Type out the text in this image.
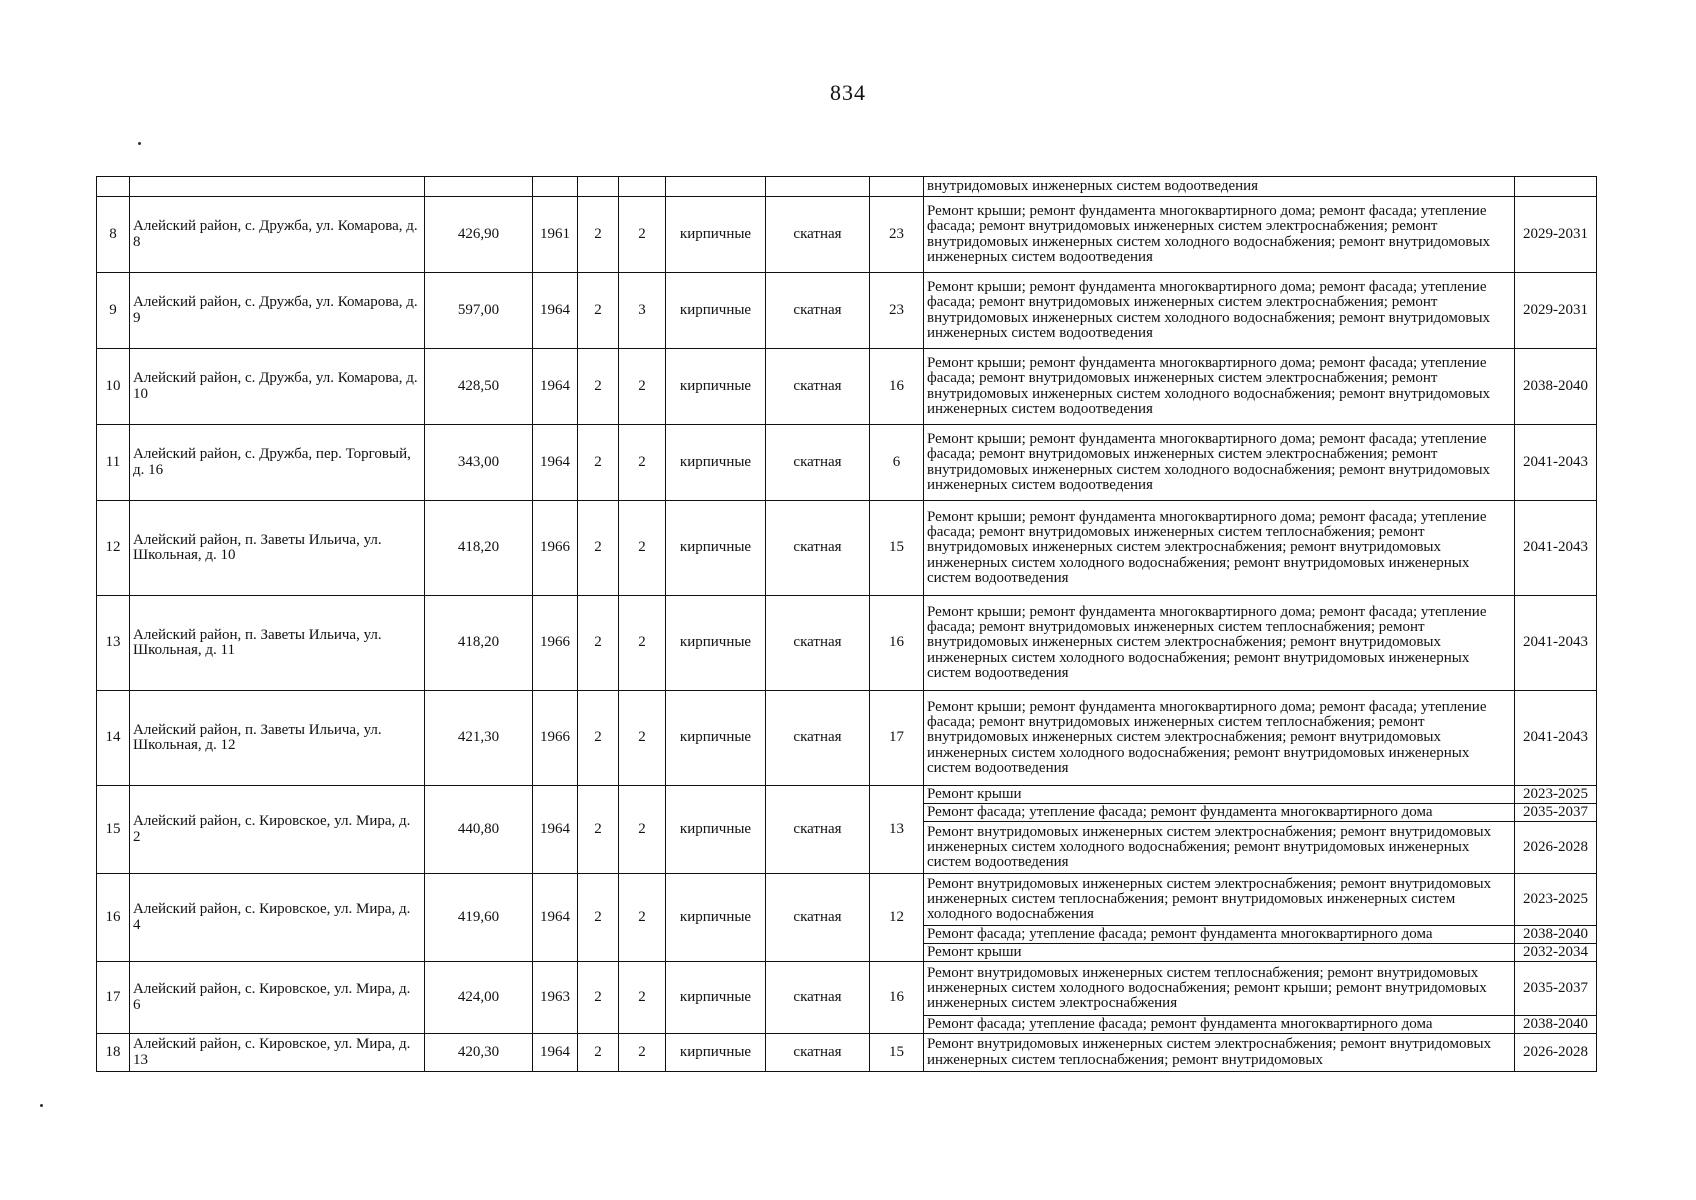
834
									внутридомовых инженерных систем водоотведения	
8	Алейский район, с. Дружба, ул. Комарова, д. 8	426,90	1961	2	2	кирпичные	скатная	23	Ремонт крыши; ремонт фундамента многоквартирного дома; ремонт фасада; утепление фасада; ремонт внутридомовых инженерных систем электроснабжения; ремонт внутридомовых инженерных систем холодного водоснабжения; ремонт внутридомовых инженерных систем водоотведения	2029-2031
9	Алейский район, с. Дружба, ул. Комарова, д. 9	597,00	1964	2	3	кирпичные	скатная	23	Ремонт крыши; ремонт фундамента многоквартирного дома; ремонт фасада; утепление фасада; ремонт внутридомовых инженерных систем электроснабжения; ремонт внутридомовых инженерных систем холодного водоснабжения; ремонт внутридомовых инженерных систем водоотведения	2029-2031
10	Алейский район, с. Дружба, ул. Комарова, д. 10	428,50	1964	2	2	кирпичные	скатная	16	Ремонт крыши; ремонт фундамента многоквартирного дома; ремонт фасада; утепление фасада; ремонт внутридомовых инженерных систем электроснабжения; ремонт внутридомовых инженерных систем холодного водоснабжения; ремонт внутридомовых инженерных систем водоотведения	2038-2040
11	Алейский район, с. Дружба, пер. Торговый, д. 16	343,00	1964	2	2	кирпичные	скатная	6	Ремонт крыши; ремонт фундамента многоквартирного дома; ремонт фасада; утепление фасада; ремонт внутридомовых инженерных систем электроснабжения; ремонт внутридомовых инженерных систем холодного водоснабжения; ремонт внутридомовых инженерных систем водоотведения	2041-2043
12	Алейский район, п. Заветы Ильича, ул. Школьная, д. 10	418,20	1966	2	2	кирпичные	скатная	15	Ремонт крыши; ремонт фундамента многоквартирного дома; ремонт фасада; утепление фасада; ремонт внутридомовых инженерных систем теплоснабжения; ремонт внутридомовых инженерных систем электроснабжения; ремонт внутридомовых инженерных систем холодного водоснабжения; ремонт внутридомовых инженерных систем водоотведения	2041-2043
13	Алейский район, п. Заветы Ильича, ул. Школьная, д. 11	418,20	1966	2	2	кирпичные	скатная	16	Ремонт крыши; ремонт фундамента многоквартирного дома; ремонт фасада; утепление фасада; ремонт внутридомовых инженерных систем теплоснабжения; ремонт внутридомовых инженерных систем электроснабжения; ремонт внутридомовых инженерных систем холодного водоснабжения; ремонт внутридомовых инженерных систем водоотведения	2041-2043
14	Алейский район, п. Заветы Ильича, ул. Школьная, д. 12	421,30	1966	2	2	кирпичные	скатная	17	Ремонт крыши; ремонт фундамента многоквартирного дома; ремонт фасада; утепление фасада; ремонт внутридомовых инженерных систем теплоснабжения; ремонт внутридомовых инженерных систем электроснабжения; ремонт внутридомовых инженерных систем холодного водоснабжения; ремонт внутридомовых инженерных систем водоотведения	2041-2043
15	Алейский район, с. Кировское, ул. Мира, д. 2	440,80	1964	2	2	кирпичные	скатная	13	Ремонт крыши	2023-2025
									Ремонт фасада; утепление фасада; ремонт фундамента многоквартирного дома	2035-2037
									Ремонт внутридомовых инженерных систем электроснабжения; ремонт внутридомовых инженерных систем холодного водоснабжения; ремонт внутридомовых инженерных систем водоотведения	2026-2028
16	Алейский район, с. Кировское, ул. Мира, д. 4	419,60	1964	2	2	кирпичные	скатная	12	Ремонт внутридомовых инженерных систем электроснабжения; ремонт внутридомовых инженерных систем теплоснабжения; ремонт внутридомовых инженерных систем холодного водоснабжения	2023-2025
									Ремонт фасада; утепление фасада; ремонт фундамента многоквартирного дома	2038-2040
									Ремонт крыши	2032-2034
17	Алейский район, с. Кировское, ул. Мира, д. 6	424,00	1963	2	2	кирпичные	скатная	16	Ремонт внутридомовых инженерных систем теплоснабжения; ремонт внутридомовых инженерных систем холодного водоснабжения; ремонт крыши; ремонт внутридомовых инженерных систем электроснабжения	2035-2037
									Ремонт фасада; утепление фасада; ремонт фундамента многоквартирного дома	2038-2040
18	Алейский район, с. Кировское, ул. Мира, д. 13	420,30	1964	2	2	кирпичные	скатная	15	Ремонт внутридомовых инженерных систем электроснабжения; ремонт внутридомовых инженерных систем теплоснабжения; ремонт внутридомовых	2026-2028
